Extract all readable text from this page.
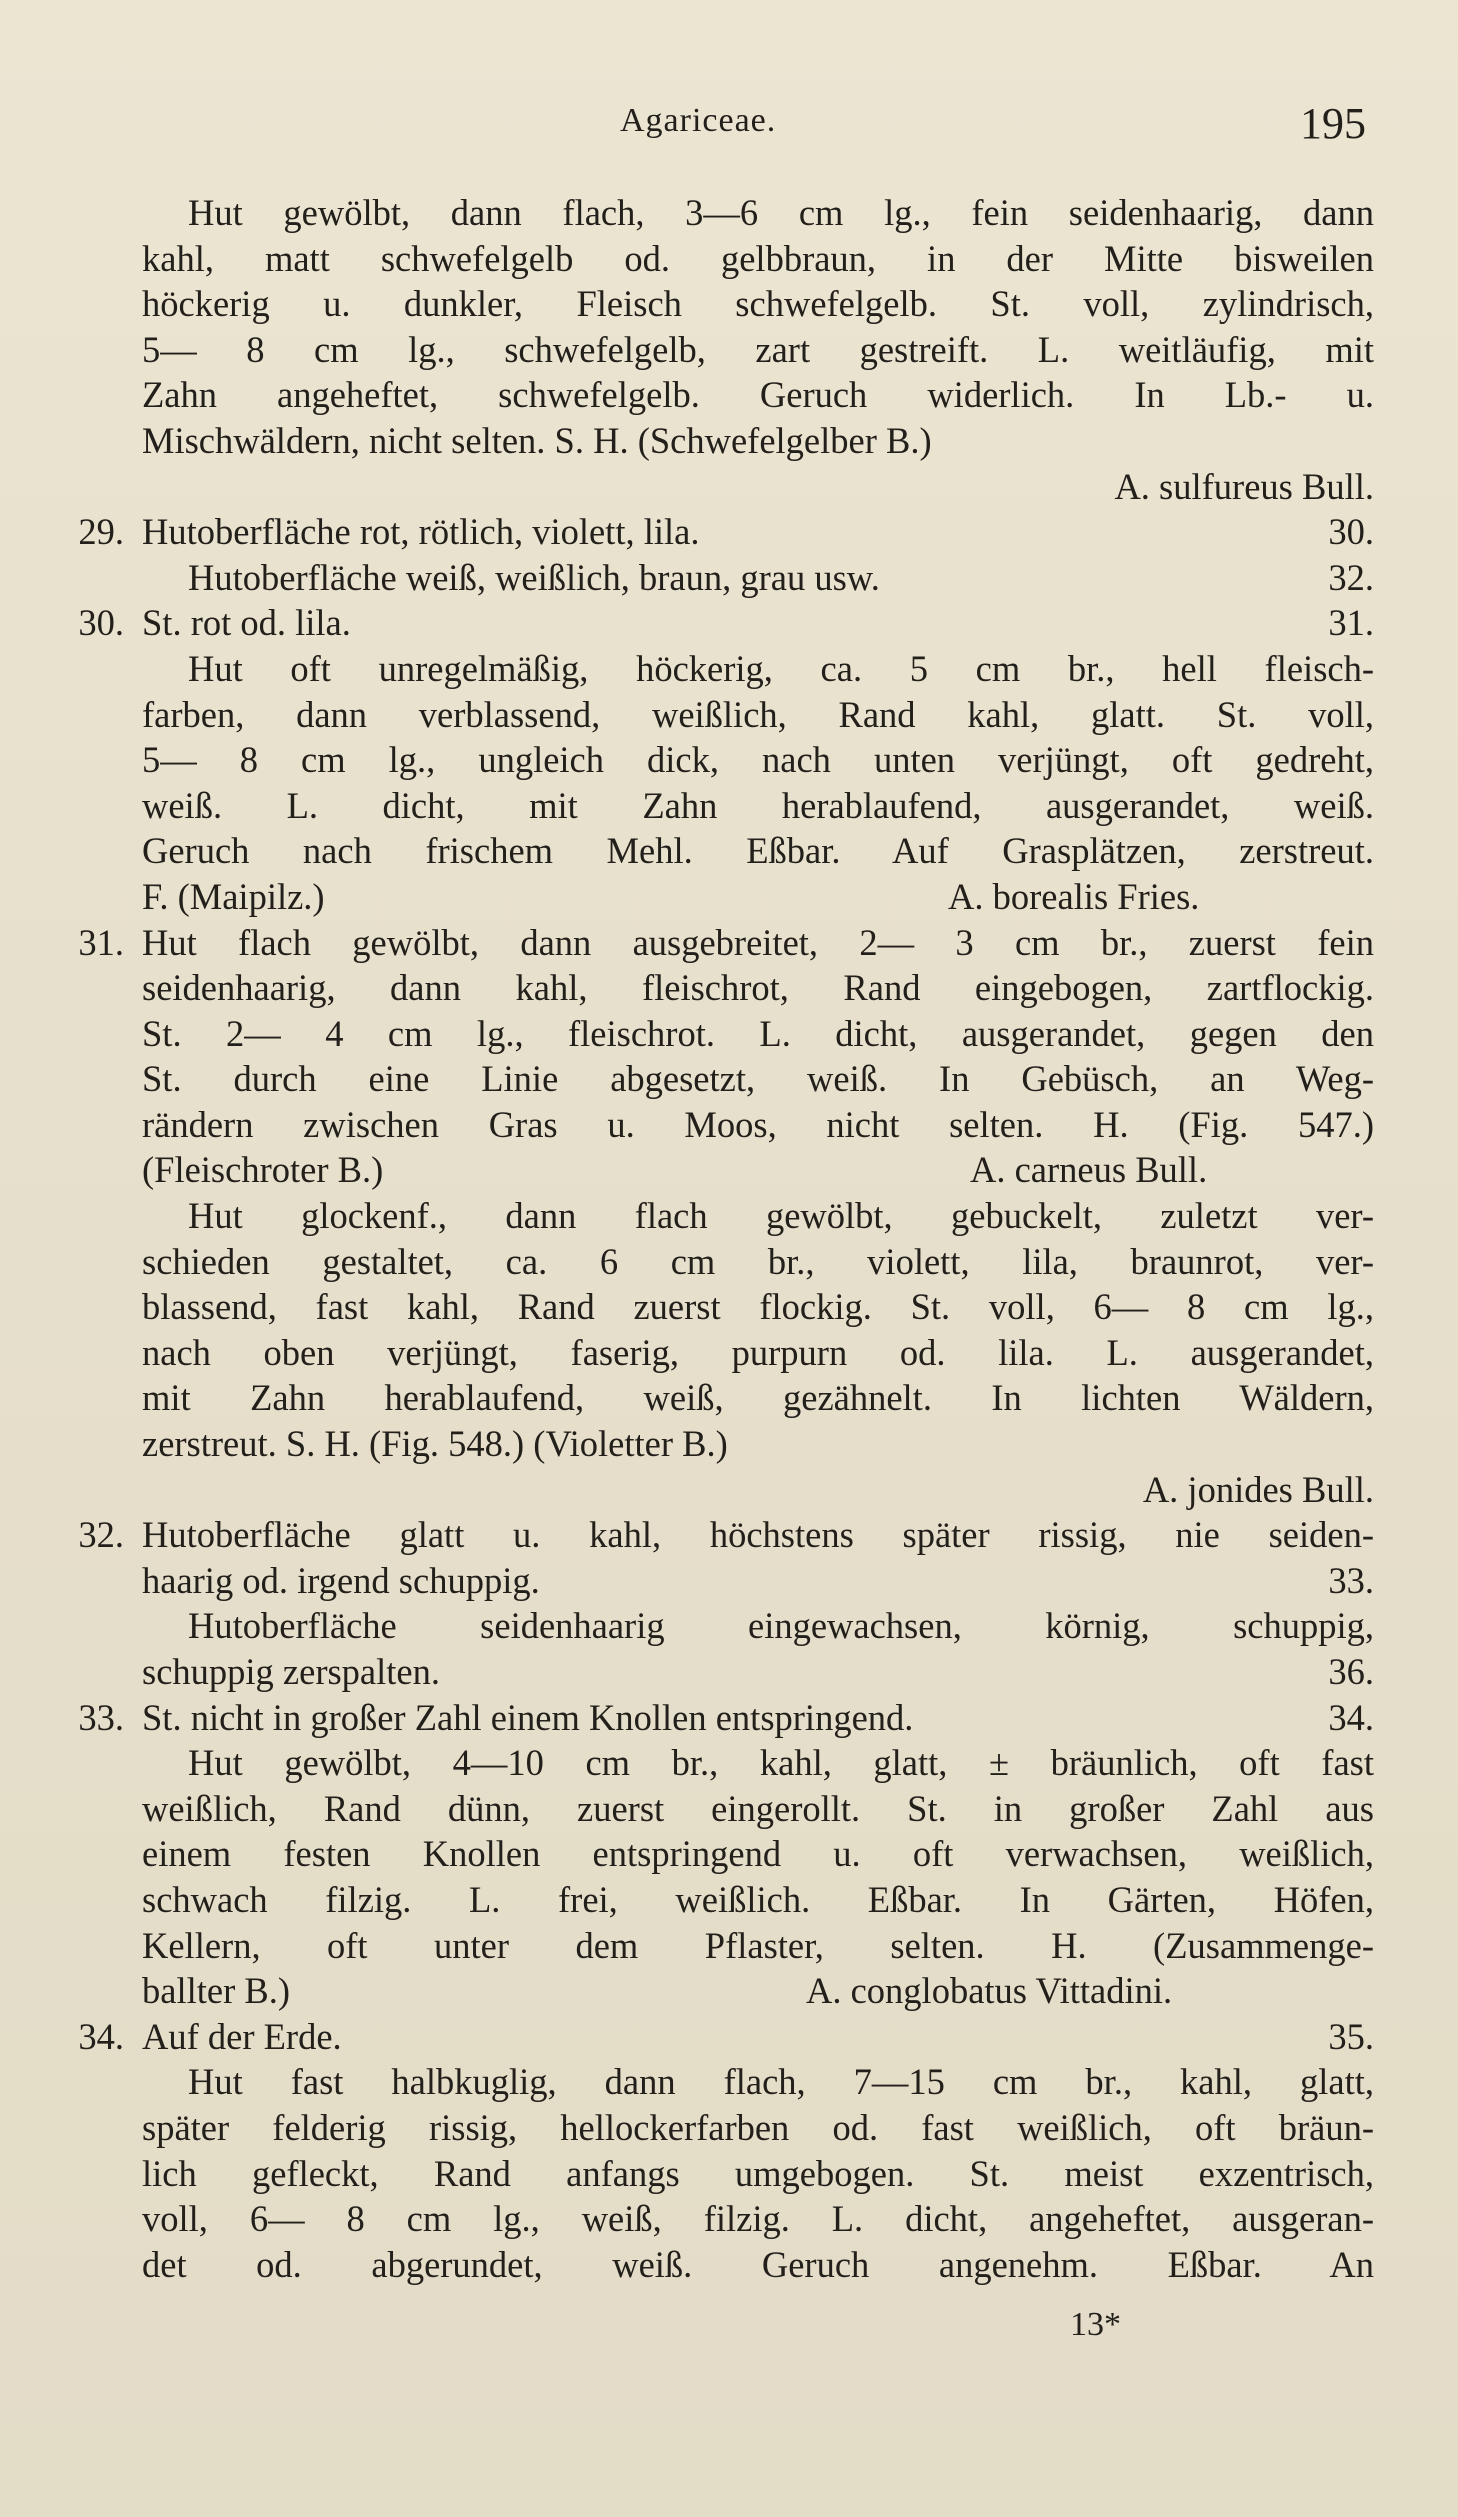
Agariceae.	195
Hut gewölbt, dann flach, 3—6 cm lg., fein seidenhaarig, dann
kahl, matt schwefelgelb od. gelbbraun, in der Mitte bisweilen
höckerig u. dunkler, Fleisch schwefelgelb. St. voll, zylindrisch,
5— 8 cm lg., schwefelgelb, zart gestreift. L. weitläufig, mit
Zahn angeheftet, schwefelgelb. Geruch widerlich. In Lb.- u.
Mischwäldern, nicht selten. S. H. (Schwefelgelber B.)
A. sulfureus Bull.
29. Hutoberfläche rot, rötlich, violett, lila.	30.
Hutoberfläche weiß, weißlich, braun, grau usw.	32.
30. St. rot od. lila.	31.
Hut oft unregelmäßig, höckerig, ca. 5 cm br., hell fleisch-
farben, dann verblassend, weißlich, Rand kahl, glatt. St. voll,
5— 8 cm lg., ungleich dick, nach unten verjüngt, oft gedreht,
weiß. L. dicht, mit Zahn herablaufend, ausgerandet, weiß.
Geruch nach frischem Mehl. Eßbar. Auf Grasplätzen, zerstreut.
F. (Maipilz.)	A. borealis Fries.
31. Hut flach gewölbt, dann ausgebreitet, 2— 3 cm br., zuerst fein
seidenhaarig, dann kahl, fleischrot, Rand eingebogen, zartflockig.
St. 2— 4 cm lg., fleischrot. L. dicht, ausgerandet, gegen den
St. durch eine Linie abgesetzt, weiß. In Gebüsch, an Weg-
rändern zwischen Gras u. Moos, nicht selten. H. (Fig. 547.)
(Fleischroter B.)	A. carneus Bull.
Hut glockenf., dann flach gewölbt, gebuckelt, zuletzt ver-
schieden gestaltet, ca. 6 cm br., violett, lila, braunrot, ver-
blassend, fast kahl, Rand zuerst flockig. St. voll, 6— 8 cm lg.,
nach oben verjüngt, faserig, purpurn od. lila. L. ausgerandet,
mit Zahn herablaufend, weiß, gezähnelt. In lichten Wäldern,
zerstreut. S. H. (Fig. 548.) (Violetter B.)
A. jonides Bull.
32. Hutoberfläche glatt u. kahl, höchstens später rissig, nie seiden-
haarig od. irgend schuppig.	33.
Hutoberfläche seidenhaarig eingewachsen, körnig, schuppig,
schuppig zerspalten.	36.
33. St. nicht in großer Zahl einem Knollen entspringend.	34.
Hut gewölbt, 4—10 cm br., kahl, glatt, ± bräunlich, oft fast
weißlich, Rand dünn, zuerst eingerollt. St. in großer Zahl aus
einem festen Knollen entspringend u. oft verwachsen, weißlich,
schwach filzig. L. frei, weißlich. Eßbar. In Gärten, Höfen,
Kellern, oft unter dem Pflaster, selten. H. (Zusammenge-
ballter B.)	A. conglobatus Vittadini.
34. Auf der Erde.	35.
Hut fast halbkuglig, dann flach, 7—15 cm br., kahl, glatt,
später felderig rissig, hellockerfarben od. fast weißlich, oft bräun-
lich gefleckt, Rand anfangs umgebogen. St. meist exzentrisch,
voll, 6— 8 cm lg., weiß, filzig. L. dicht, angeheftet, ausgeran-
det od. abgerundet, weiß. Geruch angenehm. Eßbar. An
13*
